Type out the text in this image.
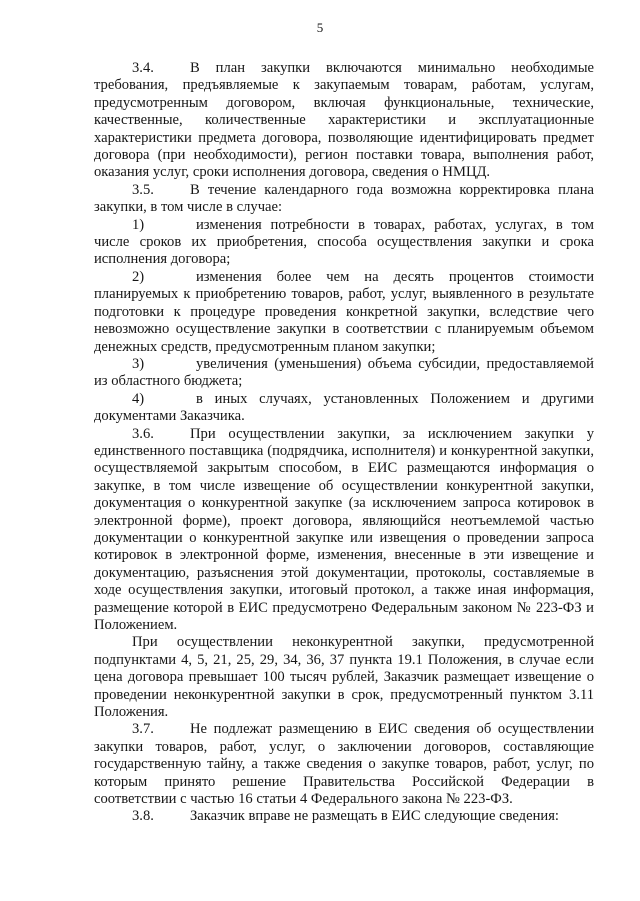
5

3.4. В план закупки включаются минимально необходимые требования, предъявляемые к закупаемым товарам, работам, услугам, предусмотренным договором, включая функциональные, технические, качественные, количественные характеристики и эксплуатационные характеристики предмета договора, позволяющие идентифицировать предмет договора (при необходимости), регион поставки товара, выполнения работ, оказания услуг, сроки исполнения договора, сведения о НМЦД.

3.5. В течение календарного года возможна корректировка плана закупки, в том числе в случае:

1)	изменения потребности в товарах, работах, услугах, в том числе сроков их приобретения, способа осуществления закупки и срока исполнения договора;

2)	изменения более чем на десять процентов стоимости планируемых к приобретению товаров, работ, услуг, выявленного в результате подготовки к процедуре проведения конкретной закупки, вследствие чего невозможно осуществление закупки в соответствии с планируемым объемом денежных средств, предусмотренным планом закупки;

3)	увеличения (уменьшения) объема субсидии, предоставляемой из областного бюджета;

4)	в иных случаях, установленных Положением и другими документами Заказчика.

3.6. При осуществлении закупки, за исключением закупки у единственного поставщика (подрядчика, исполнителя) и конкурентной закупки, осуществляемой закрытым способом, в ЕИС размещаются информация о закупке, в том числе извещение об осуществлении конкурентной закупки, документация о конкурентной закупке (за исключением запроса котировок в электронной форме), проект договора, являющийся неотъемлемой частью документации о конкурентной закупке или извещения о проведении запроса котировок в электронной форме, изменения, внесенные в эти извещение и документацию, разъяснения этой документации, протоколы, составляемые в ходе осуществления закупки, итоговый протокол, а также иная информация, размещение которой в ЕИС предусмотрено Федеральным законом № 223-ФЗ и Положением.

При осуществлении неконкурентной закупки, предусмотренной подпунктами 4, 5, 21, 25, 29, 34, 36, 37 пункта 19.1 Положения, в случае если цена договора превышает 100 тысяч рублей, Заказчик размещает извещение о проведении неконкурентной закупки в срок, предусмотренный пунктом 3.11 Положения.

3.7. Не подлежат размещению в ЕИС сведения об осуществлении закупки товаров, работ, услуг, о заключении договоров, составляющие государственную тайну, а также сведения о закупке товаров, работ, услуг, по которым принято решение Правительства Российской Федерации в соответствии с частью 16 статьи 4 Федерального закона № 223-ФЗ.

3.8. Заказчик вправе не размещать в ЕИС следующие сведения:
